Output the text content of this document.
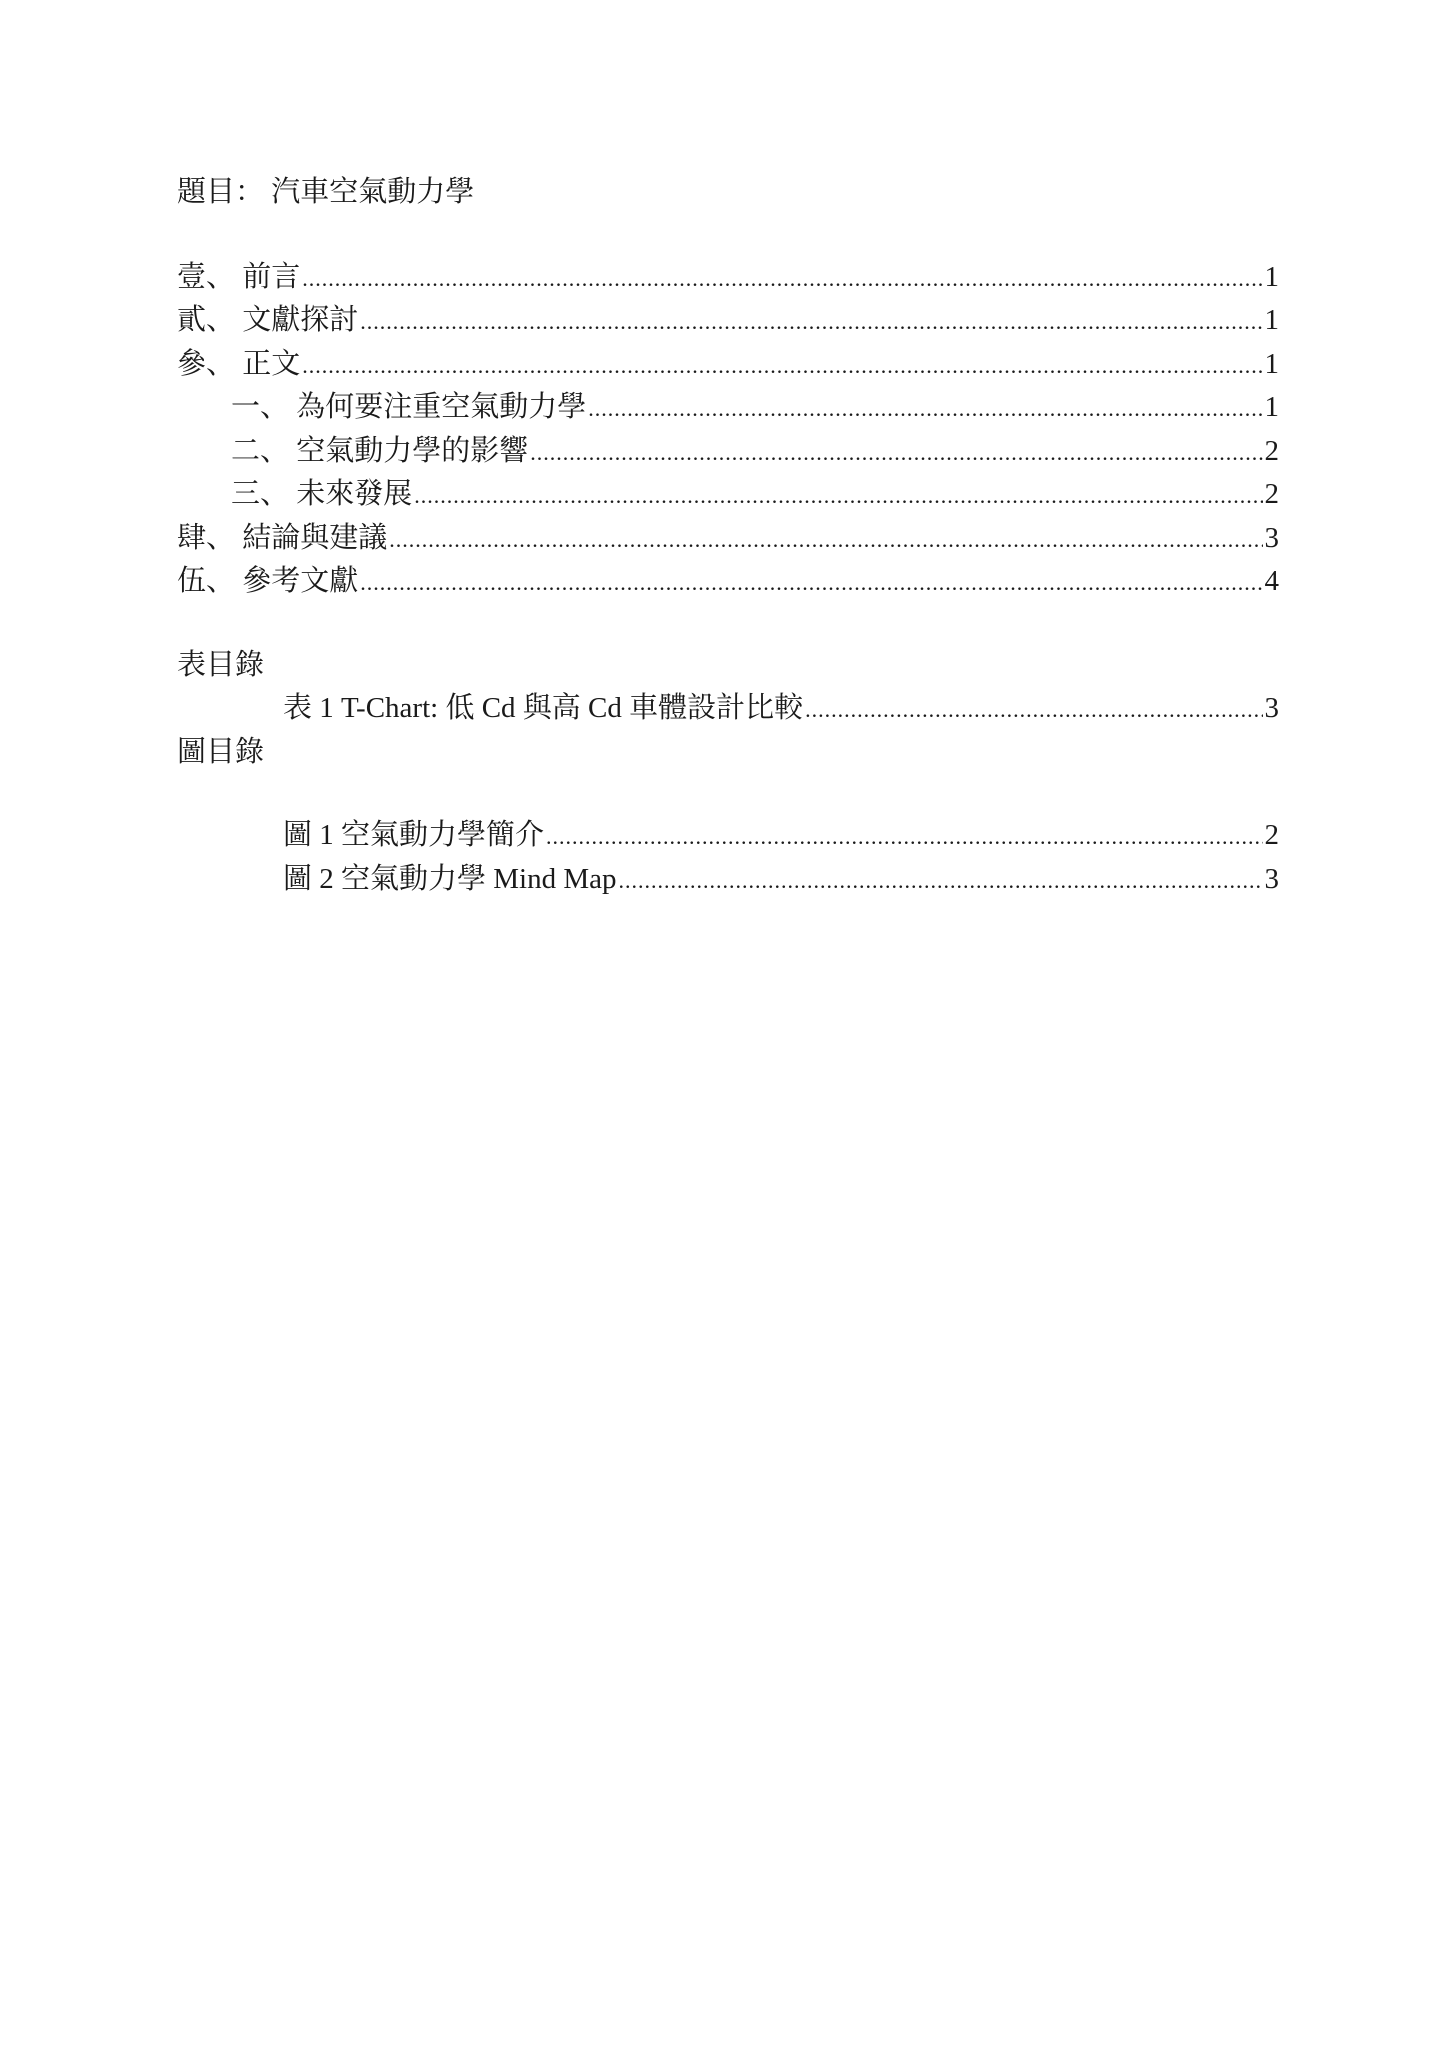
題目： 汽車空氣動力學
壹、 前言 .....	1
貳、 文獻探討 .....	1
參、 正文 .....	1
一、 為何要注重空氣動力學 .....	1
二、 空氣動力學的影響 .....	2
三、 未來發展 .....	2
肆、 結論與建議 .....	3
伍、 參考文獻 .....	4
表目錄
表 1 T-Chart: 低 Cd 與高 Cd 車體設計比較 .....	3
圖目錄
圖 1 空氣動力學簡介 .....	2
圖 2 空氣動力學 Mind Map .....	3
